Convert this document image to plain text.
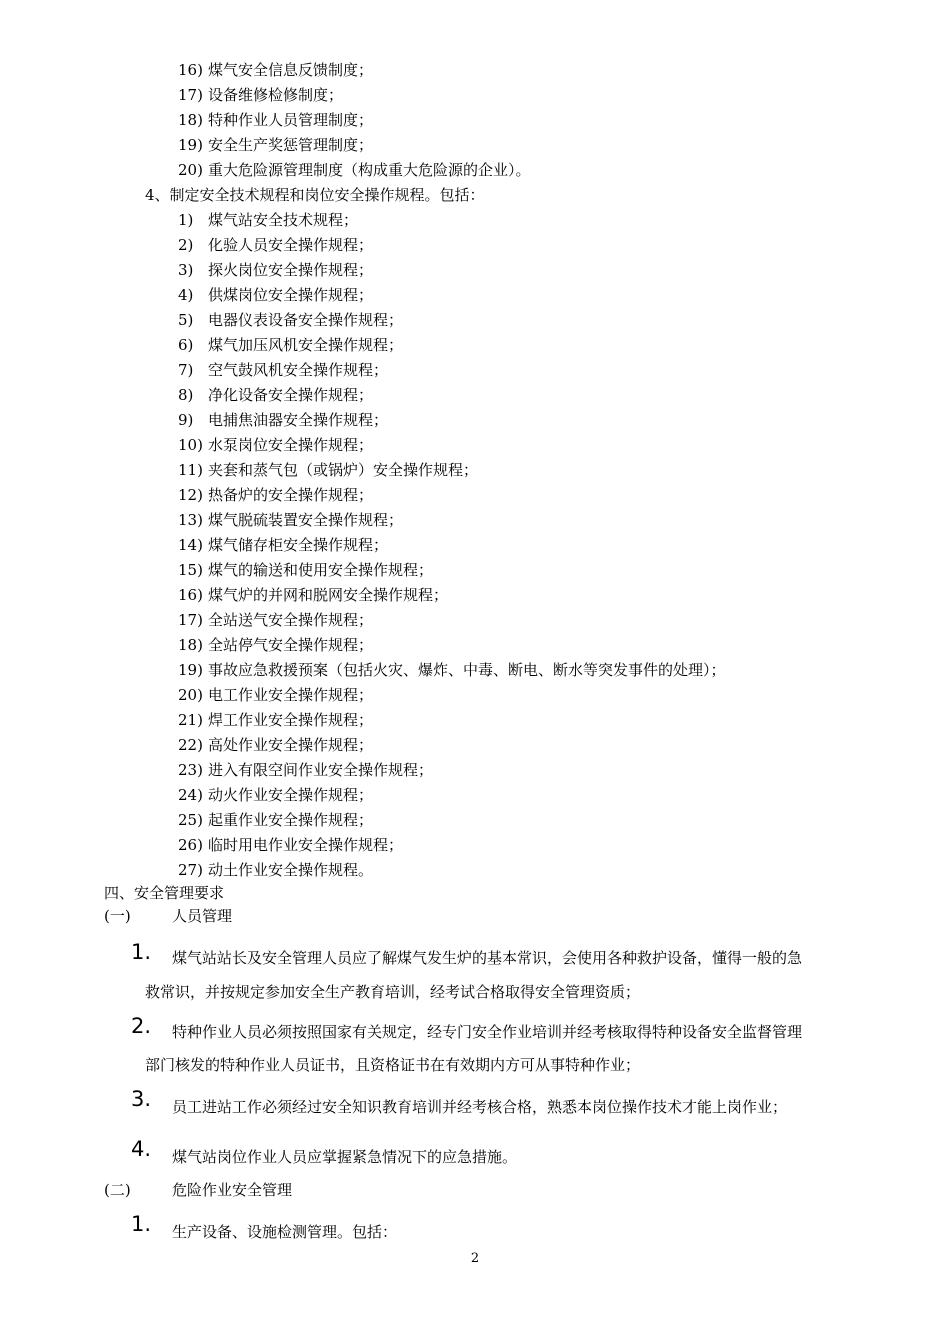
16) 煤气安全信息反馈制度；
17) 设备维修检修制度；
18) 特种作业人员管理制度；
19) 安全生产奖惩管理制度；
20) 重大危险源管理制度（构成重大危险源的企业）。
4、制定安全技术规程和岗位安全操作规程。包括：
1) 煤气站安全技术规程；
2) 化验人员安全操作规程；
3) 探火岗位安全操作规程；
4) 供煤岗位安全操作规程；
5) 电器仪表设备安全操作规程；
6) 煤气加压风机安全操作规程；
7) 空气鼓风机安全操作规程；
8) 净化设备安全操作规程；
9) 电捕焦油器安全操作规程；
10) 水泵岗位安全操作规程；
11) 夹套和蒸气包（或锅炉）安全操作规程；
12) 热备炉的安全操作规程；
13) 煤气脱硫装置安全操作规程；
14) 煤气储存柜安全操作规程；
15) 煤气的输送和使用安全操作规程；
16) 煤气炉的并网和脱网安全操作规程；
17) 全站送气安全操作规程；
18) 全站停气安全操作规程；
19) 事故应急救援预案（包括火灾、爆炸、中毒、断电、断水等突发事件的处理）；
20) 电工作业安全操作规程；
21) 焊工作业安全操作规程；
22) 高处作业安全操作规程；
23) 进入有限空间作业安全操作规程；
24) 动火作业安全操作规程；
25) 起重作业安全操作规程；
26) 临时用电作业安全操作规程；
27) 动土作业安全操作规程。
四、安全管理要求
(一)	人员管理
1. 煤气站站长及安全管理人员应了解煤气发生炉的基本常识，会使用各种救护设备，懂得一般的急
救常识，并按规定参加安全生产教育培训，经考试合格取得安全管理资质；
2. 特种作业人员必须按照国家有关规定，经专门安全作业培训并经考核取得特种设备安全监督管理
部门核发的特种作业人员证书，且资格证书在有效期内方可从事特种作业；
3. 员工进站工作必须经过安全知识教育培训并经考核合格，熟悉本岗位操作技术才能上岗作业；
4. 煤气站岗位作业人员应掌握紧急情况下的应急措施。
(二)	危险作业安全管理
1. 生产设备、设施检测管理。包括：
2
